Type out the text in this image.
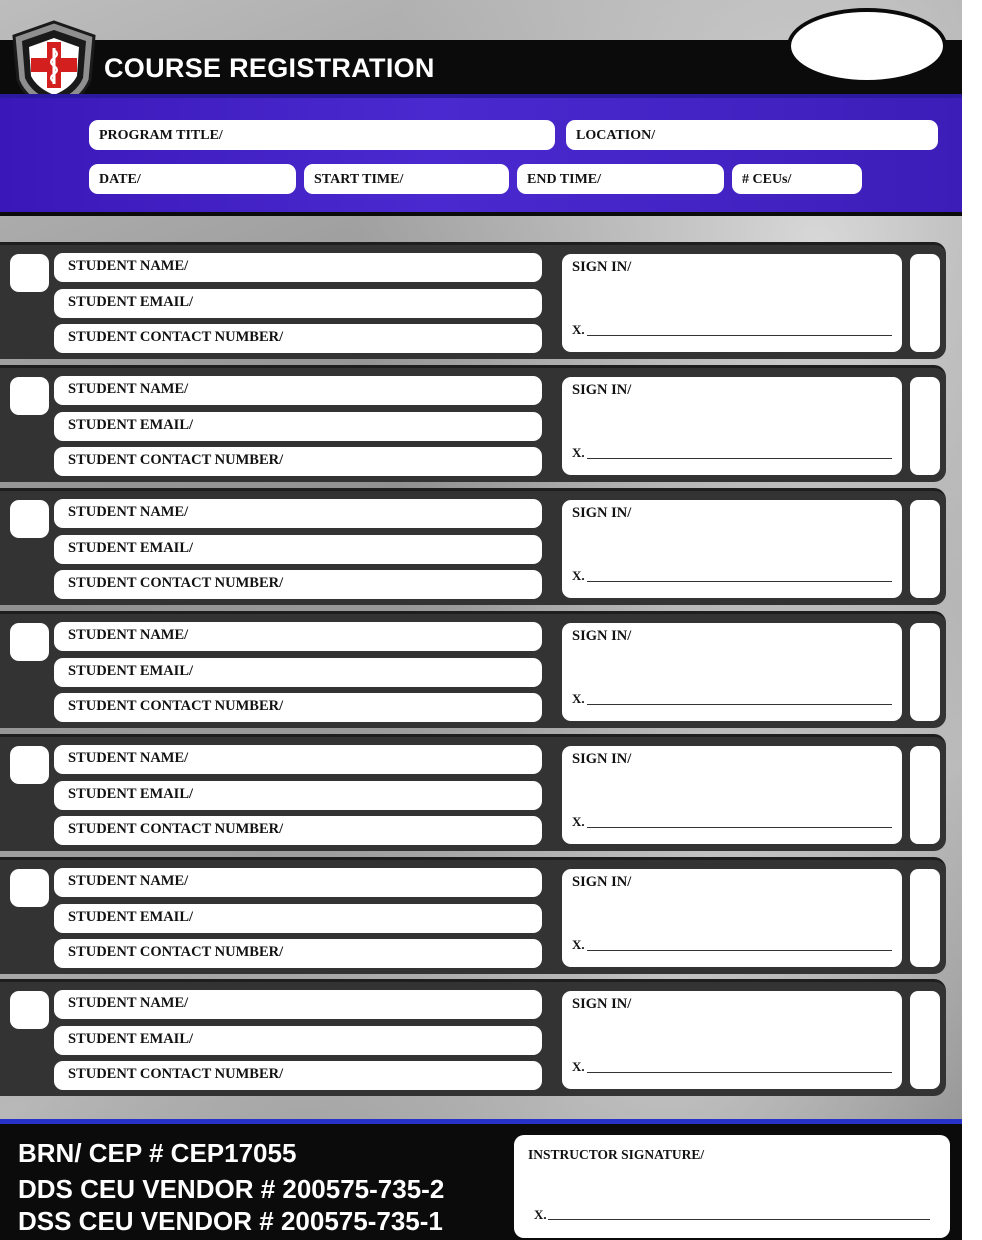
COURSE REGISTRATION
PROGRAM TITLE/	LOCATION/
DATE/	START TIME/	END TIME/	# CEUs/
STUDENT NAME/
STUDENT EMAIL/
STUDENT CONTACT NUMBER/
SIGN IN/
X.
STUDENT NAME/
STUDENT EMAIL/
STUDENT CONTACT NUMBER/
SIGN IN/
X.
STUDENT NAME/
STUDENT EMAIL/
STUDENT CONTACT NUMBER/
SIGN IN/
X.
STUDENT NAME/
STUDENT EMAIL/
STUDENT CONTACT NUMBER/
SIGN IN/
X.
STUDENT NAME/
STUDENT EMAIL/
STUDENT CONTACT NUMBER/
SIGN IN/
X.
STUDENT NAME/
STUDENT EMAIL/
STUDENT CONTACT NUMBER/
SIGN IN/
X.
STUDENT NAME/
STUDENT EMAIL/
STUDENT CONTACT NUMBER/
SIGN IN/
X.
BRN/ CEP # CEP17055
DDS CEU VENDOR # 200575-735-2
DSS CEU VENDOR # 200575-735-1
INSTRUCTOR SIGNATURE/
X.
